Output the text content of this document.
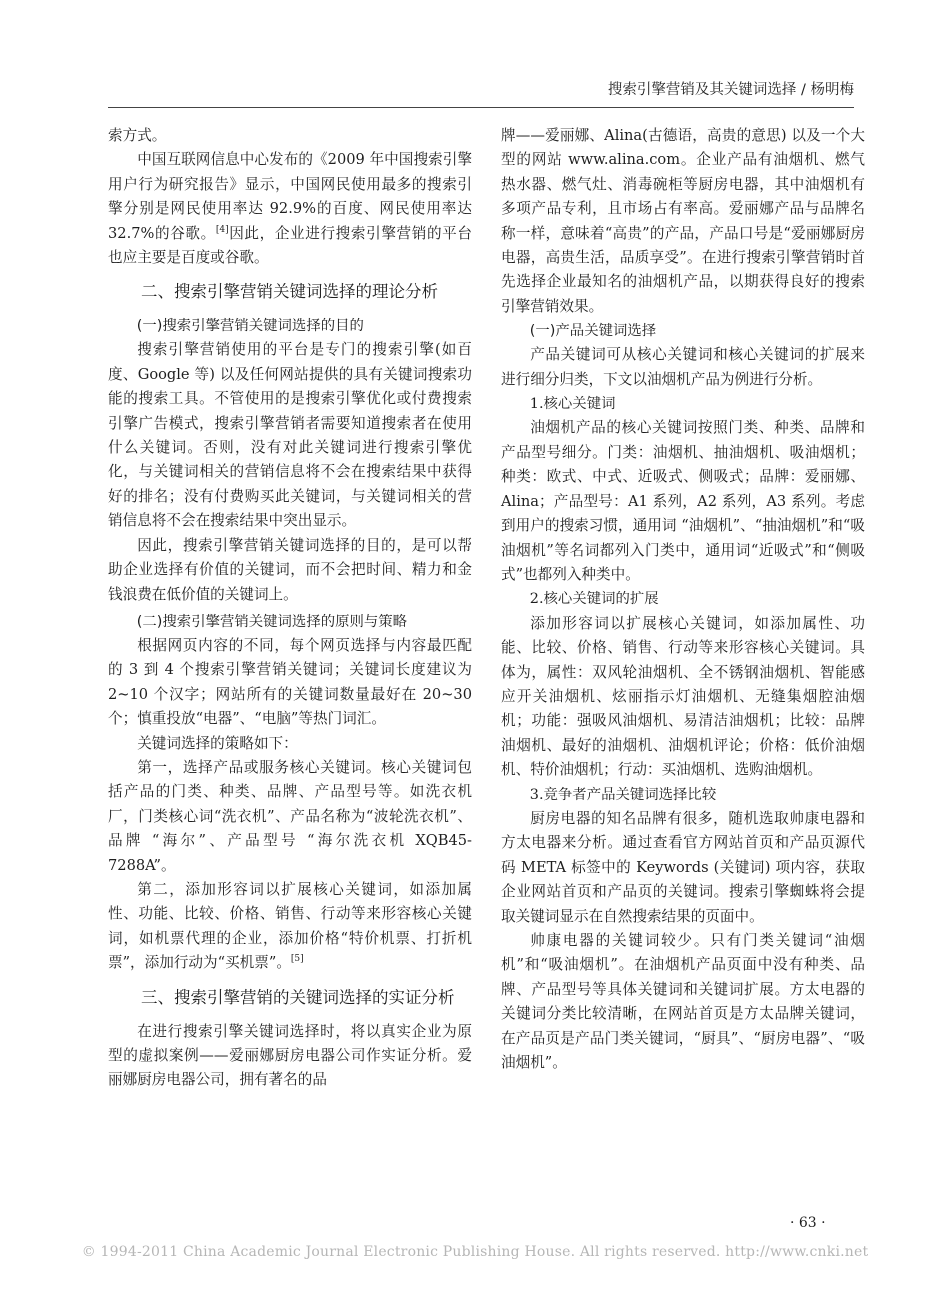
搜索引擎营销及其关键词选择 / 杨明梅

索方式。

中国互联网信息中心发布的《2009 年中国搜索引擎用户行为研究报告》显示，中国网民使用最多的搜索引擎分别是网民使用率达 92.9%的百度、网民使用率达 32.7%的谷歌。[4]因此，企业进行搜索引擎营销的平台也应主要是百度或谷歌。

二、搜索引擎营销关键词选择的理论分析
(一)搜索引擎营销关键词选择的目的

搜索引擎营销使用的平台是专门的搜索引擎(如百度、Google 等) 以及任何网站提供的具有关键词搜索功能的搜索工具。不管使用的是搜索引擎优化或付费搜索引擎广告模式，搜索引擎营销者需要知道搜索者在使用什么关键词。否则，没有对此关键词进行搜索引擎优化，与关键词相关的营销信息将不会在搜索结果中获得好的排名；没有付费购买此关键词，与关键词相关的营销信息将不会在搜索结果中突出显示。

因此，搜索引擎营销关键词选择的目的，是可以帮助企业选择有价值的关键词，而不会把时间、精力和金钱浪费在低价值的关键词上。

(二)搜索引擎营销关键词选择的原则与策略

根据网页内容的不同，每个网页选择与内容最匹配的 3 到 4 个搜索引擎营销关键词；关键词长度建议为 2~10 个汉字；网站所有的关键词数量最好在 20~30 个；慎重投放“电器”、“电脑”等热门词汇。

关键词选择的策略如下：

第一，选择产品或服务核心关键词。核心关键词包括产品的门类、种类、品牌、产品型号等。如洗衣机厂，门类核心词“洗衣机”、产品名称为“波轮洗衣机”、品牌 “海尔”、产品型号 “海尔洗衣机 XQB45- 7288A”。

第二，添加形容词以扩展核心关键词，如添加属性、功能、比较、价格、销售、行动等来形容核心关键词，如机票代理的企业，添加价格“特价机票、打折机票”，添加行动为“买机票”。[5]

三、搜索引擎营销的关键词选择的实证分析

在进行搜索引擎关键词选择时，将以真实企业为原型的虚拟案例——爱丽娜厨房电器公司作实证分析。爱丽娜厨房电器公司，拥有著名的品

牌——爱丽娜、Alina(古德语，高贵的意思) 以及一个大型的网站 www.alina.com。企业产品有油烟机、燃气热水器、燃气灶、消毒碗柜等厨房电器，其中油烟机有多项产品专利，且市场占有率高。爱丽娜产品与品牌名称一样，意味着“高贵”的产品，产品口号是“爱丽娜厨房电器，高贵生活，品质享受”。在进行搜索引擎营销时首先选择企业最知名的油烟机产品，以期获得良好的搜索引擎营销效果。

(一)产品关键词选择

产品关键词可从核心关键词和核心关键词的扩展来进行细分归类，下文以油烟机产品为例进行分析。

1.核心关键词

油烟机产品的核心关键词按照门类、种类、品牌和产品型号细分。门类：油烟机、抽油烟机、吸油烟机；种类：欧式、中式、近吸式、侧吸式；品牌：爱丽娜、Alina；产品型号：A1 系列，A2 系列，A3 系列。考虑到用户的搜索习惯，通用词 “油烟机”、“抽油烟机”和“吸油烟机”等名词都列入门类中，通用词“近吸式”和“侧吸式”也都列入种类中。

2.核心关键词的扩展

添加形容词以扩展核心关键词，如添加属性、功能、比较、价格、销售、行动等来形容核心关键词。具体为，属性：双风轮油烟机、全不锈钢油烟机、智能感应开关油烟机、炫丽指示灯油烟机、无缝集烟腔油烟机；功能：强吸风油烟机、易清洁油烟机；比较：品牌油烟机、最好的油烟机、油烟机评论；价格：低价油烟机、特价油烟机；行动：买油烟机、选购油烟机。

3.竞争者产品关键词选择比较

厨房电器的知名品牌有很多，随机选取帅康电器和方太电器来分析。通过查看官方网站首页和产品页源代码 META 标签中的 Keywords (关键词) 项内容，获取企业网站首页和产品页的关键词。搜索引擎蜘蛛将会提取关键词显示在自然搜索结果的页面中。

帅康电器的关键词较少。只有门类关键词“油烟机”和“吸油烟机”。在油烟机产品页面中没有种类、品牌、产品型号等具体关键词和关键词扩展。方太电器的关键词分类比较清晰，在网站首页是方太品牌关键词，在产品页是产品门类关键词，“厨具”、“厨房电器”、“吸油烟机”。

· 63 ·
© 1994-2011 China Academic Journal Electronic Publishing House. All rights reserved. http://www.cnki.net
